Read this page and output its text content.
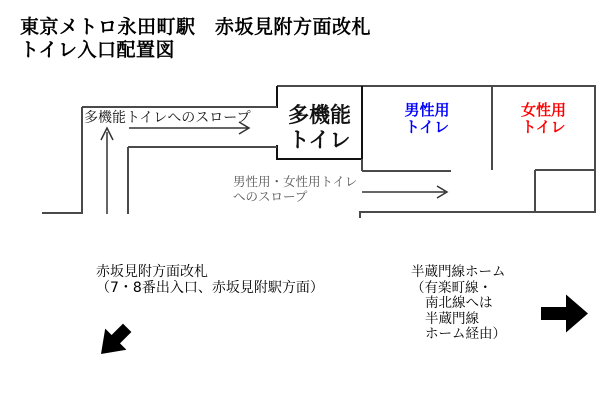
東京メトロ永田町駅　赤坂見附方面改札
トイレ入口配置図
多機能トイレへのスロープ	多機能
トイレ
男性用
トイレ
女性用
トイレ
男性用・女性用トイレ
へのスロープ
赤坂見附方面改札
（7・8番出入口、赤坂見附駅方面）
半蔵門線ホーム
（有楽町線・
南北線へは
半蔵門線
ホーム経由）
